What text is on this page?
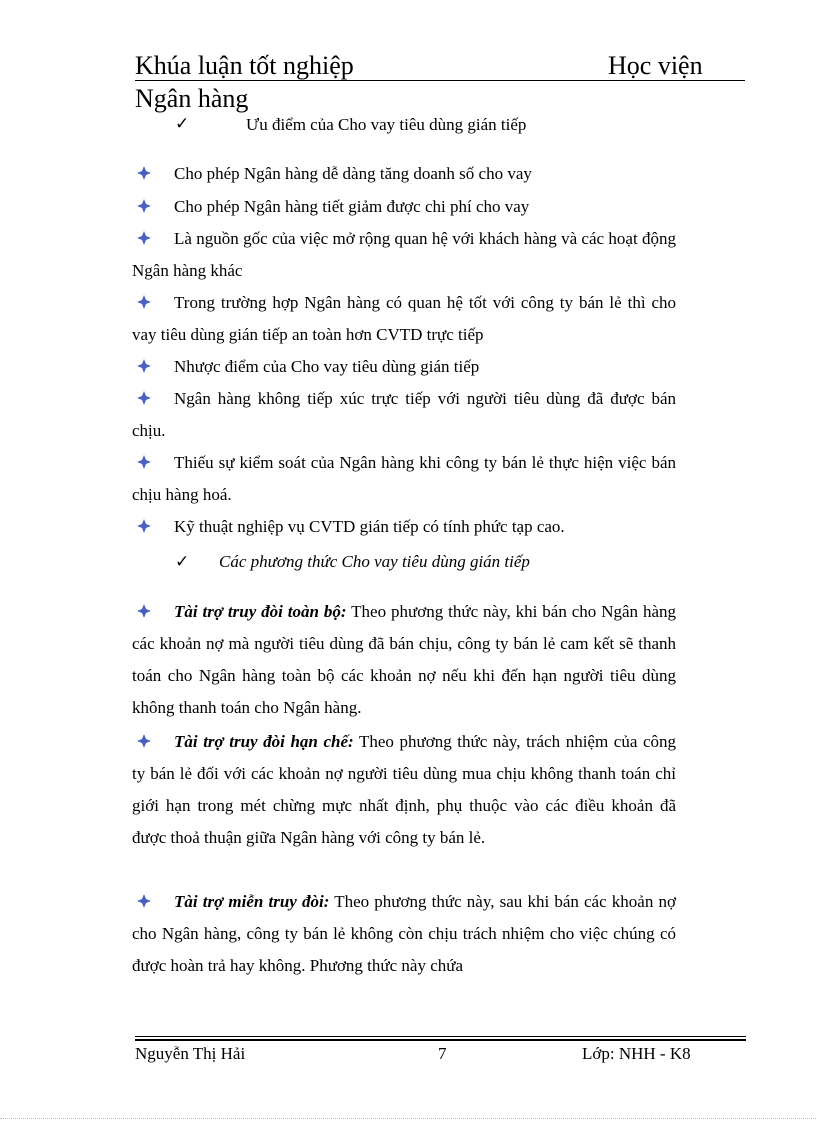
Khúa luận tốt nghiệp	Học viện
Ngân hàng
✓	Ưu điểm của Cho vay tiêu dùng gián tiếp
Cho phép Ngân hàng dễ dàng tăng doanh số cho vay
Cho phép Ngân hàng tiết giảm được chi phí cho vay
Là nguồn gốc của việc mở rộng quan hệ với khách hàng và các hoạt động Ngân hàng khác
Trong trường hợp Ngân hàng có quan hệ tốt với công ty bán lẻ thì cho vay tiêu dùng gián tiếp an toàn hơn CVTD trực tiếp
Nhược điểm của Cho vay tiêu dùng gián tiếp
Ngân hàng không tiếp xúc trực tiếp với người tiêu dùng đã được bán chịu.
Thiếu sự kiểm soát của Ngân hàng khi công ty bán lẻ thực hiện việc bán chịu hàng hoá.
Kỹ thuật nghiệp vụ CVTD gián tiếp có tính phức tạp cao.
✓ Các phương thức Cho vay tiêu dùng gián tiếp
Tài trợ truy đòi toàn bộ: Theo phương thức này, khi bán cho Ngân hàng các khoản nợ mà người tiêu dùng đã bán chịu, công ty bán lẻ cam kết sẽ thanh toán cho Ngân hàng toàn bộ các khoản nợ nếu khi đến hạn người tiêu dùng không thanh toán cho Ngân hàng.
Tài trợ truy đòi hạn chế: Theo phương thức này, trách nhiệm của công ty bán lẻ đối với các khoản nợ người tiêu dùng mua chịu không thanh toán chỉ giới hạn trong mét chừng mực nhất định, phụ thuộc vào các điều khoản đã được thoả thuận giữa Ngân hàng với công ty bán lẻ.
Tài trợ miễn truy đòi: Theo phương thức này, sau khi bán các khoản nợ cho Ngân hàng, công ty bán lẻ không còn chịu trách nhiệm cho việc chúng có được hoàn trả hay không. Phương thức này chứa
Nguyễn Thị Hải	7	Lớp: NHH - K8
